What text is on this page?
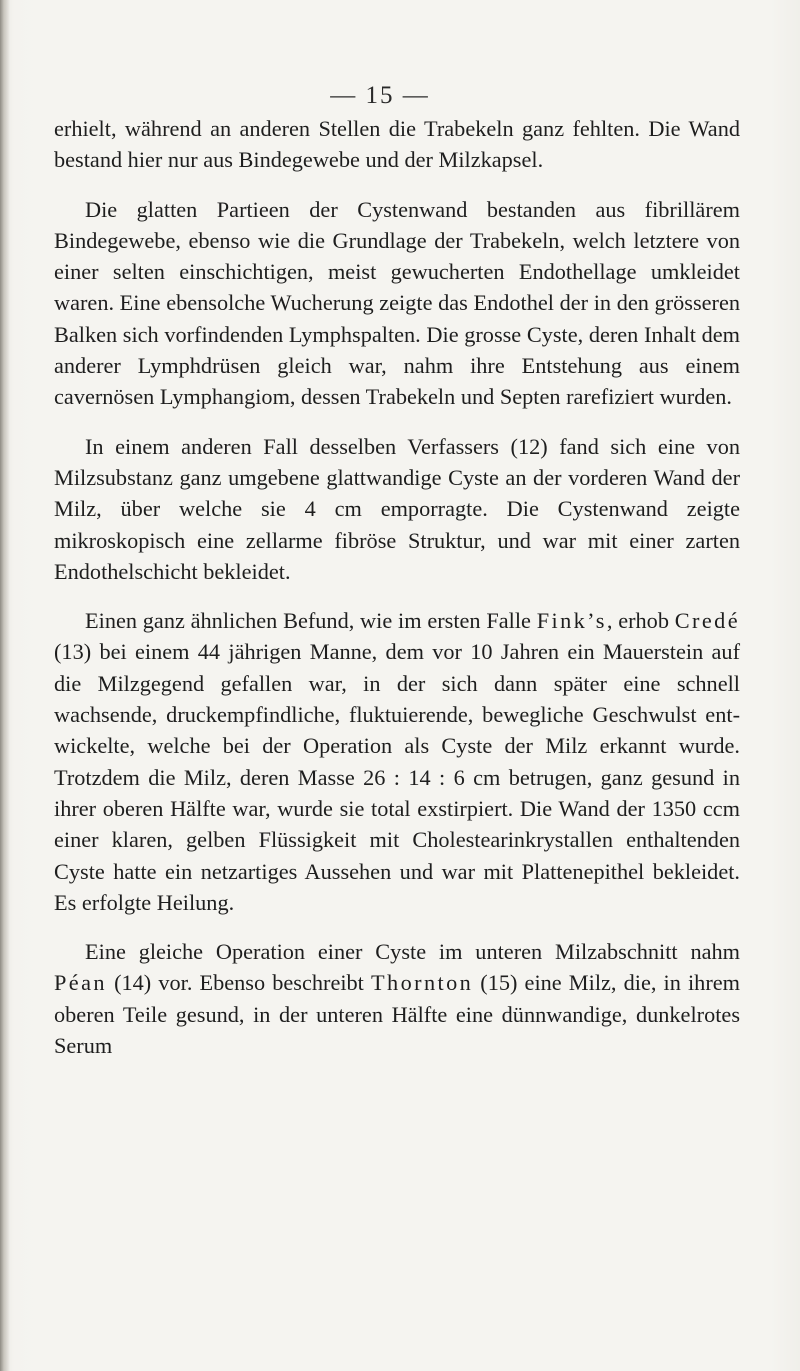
— 15 —

erhielt, während an anderen Stellen die Trabekeln ganz fehlten. Die Wand bestand hier nur aus Bindegewebe und der Milzkapsel.

Die glatten Partieen der Cystenwand bestanden aus fibrillärem Bindegewebe, ebenso wie die Grundlage der Trabekeln, welch letztere von einer selten einschichtigen, meist gewucherten Endothellage umkleidet waren. Eine ebensolche Wucherung zeigte das Endothel der in den grösseren Balken sich vorfindenden Lymphspalten. Die grosse Cyste, deren Inhalt dem anderer Lymphdrüsen gleich war, nahm ihre Entstehung aus einem cavernösen Lymphangiom, dessen Trabekeln und Septen rarefiziert wurden.

In einem anderen Fall desselben Verfassers (12) fand sich eine von Milzsubstanz ganz umgebene glattwandige Cyste an der vorderen Wand der Milz, über welche sie 4 cm emporragte. Die Cystenwand zeigte mikroskopisch eine zellarme fibröse Struktur, und war mit einer zarten Endothelschicht bekleidet.

Einen ganz ähnlichen Befund, wie im ersten Falle Fink’s, erhob Credé (13) bei einem 44 jährigen Manne, dem vor 10 Jahren ein Mauerstein auf die Milzgegend gefallen war, in der sich dann später eine schnell wachsende, druckempfindliche, fluktuierende, bewegliche Geschwulst entwickelte, welche bei der Operation als Cyste der Milz erkannt wurde. Trotzdem die Milz, deren Masse 26 : 14 : 6 cm betrugen, ganz gesund in ihrer oberen Hälfte war, wurde sie total exstirpiert. Die Wand der 1350 ccm einer klaren, gelben Flüssigkeit mit Cholestearinkrystallen enthaltenden Cyste hatte ein netzartiges Aussehen und war mit Plattenepithel bekleidet. Es erfolgte Heilung.

Eine gleiche Operation einer Cyste im unteren Milzabschnitt nahm Péan (14) vor. Ebenso beschreibt Thornton (15) eine Milz, die, in ihrem oberen Teile gesund, in der unteren Hälfte eine dünnwandige, dunkelrotes Serum
